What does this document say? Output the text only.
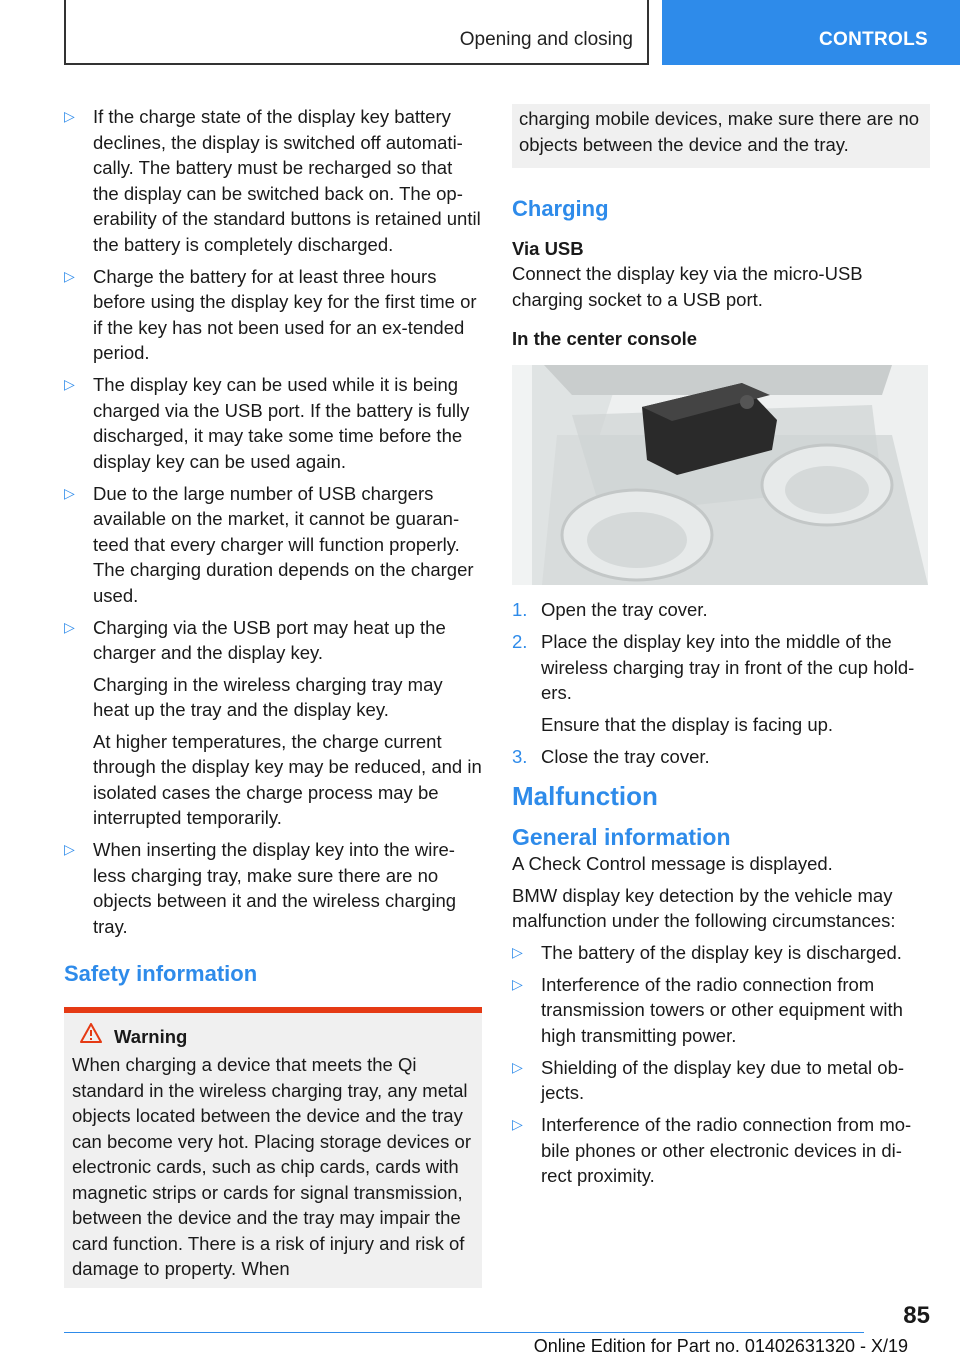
Opening and closing	CONTROLS
▷ If the charge state of the display key battery declines, the display is switched off automati‐cally. The battery must be recharged so that the display can be switched back on. The op‐erability of the standard buttons is retained until the battery is completely discharged.
▷ Charge the battery for at least three hours before using the display key for the first time or if the key has not been used for an ex‐tended period.
▷ The display key can be used while it is being charged via the USB port. If the battery is fully discharged, it may take some time before the display key can be used again.
▷ Due to the large number of USB chargers available on the market, it cannot be guaran‐teed that every charger will function properly. The charging duration depends on the charger used.
▷ Charging via the USB port may heat up the charger and the display key.

Charging in the wireless charging tray may heat up the tray and the display key.

At higher temperatures, the charge current through the display key may be reduced, and in isolated cases the charge process may be interrupted temporarily.

▷ When inserting the display key into the wire‐less charging tray, make sure there are no objects between it and the wireless charging tray.
Safety information
Warning

When charging a device that meets the Qi standard in the wireless charging tray, any metal objects located between the device and the tray can become very hot. Placing storage devices or electronic cards, such as chip cards, cards with magnetic strips or cards for signal transmission, between the device and the tray may impair the card function. There is a risk of injury and risk of damage to property. When

charging mobile devices, make sure there are no objects between the device and the tray.

Charging
Via USB

Connect the display key via the micro-USB charging socket to a USB port.

In the center console
1. Open the tray cover.
2. Place the display key into the middle of the wireless charging tray in front of the cup hold‐ers.

Ensure that the display is facing up.

3. Close the tray cover.
Malfunction
General information

A Check Control message is displayed.

BMW display key detection by the vehicle may malfunction under the following circumstances:

▷ The battery of the display key is discharged.
▷ Interference of the radio connection from transmission towers or other equipment with high transmitting power.
▷ Shielding of the display key due to metal ob‐jects.
▷ Interference of the radio connection from mo‐bile phones or other electronic devices in di‐rect proximity.
85
Online Edition for Part no. 01402631320 - X/19
